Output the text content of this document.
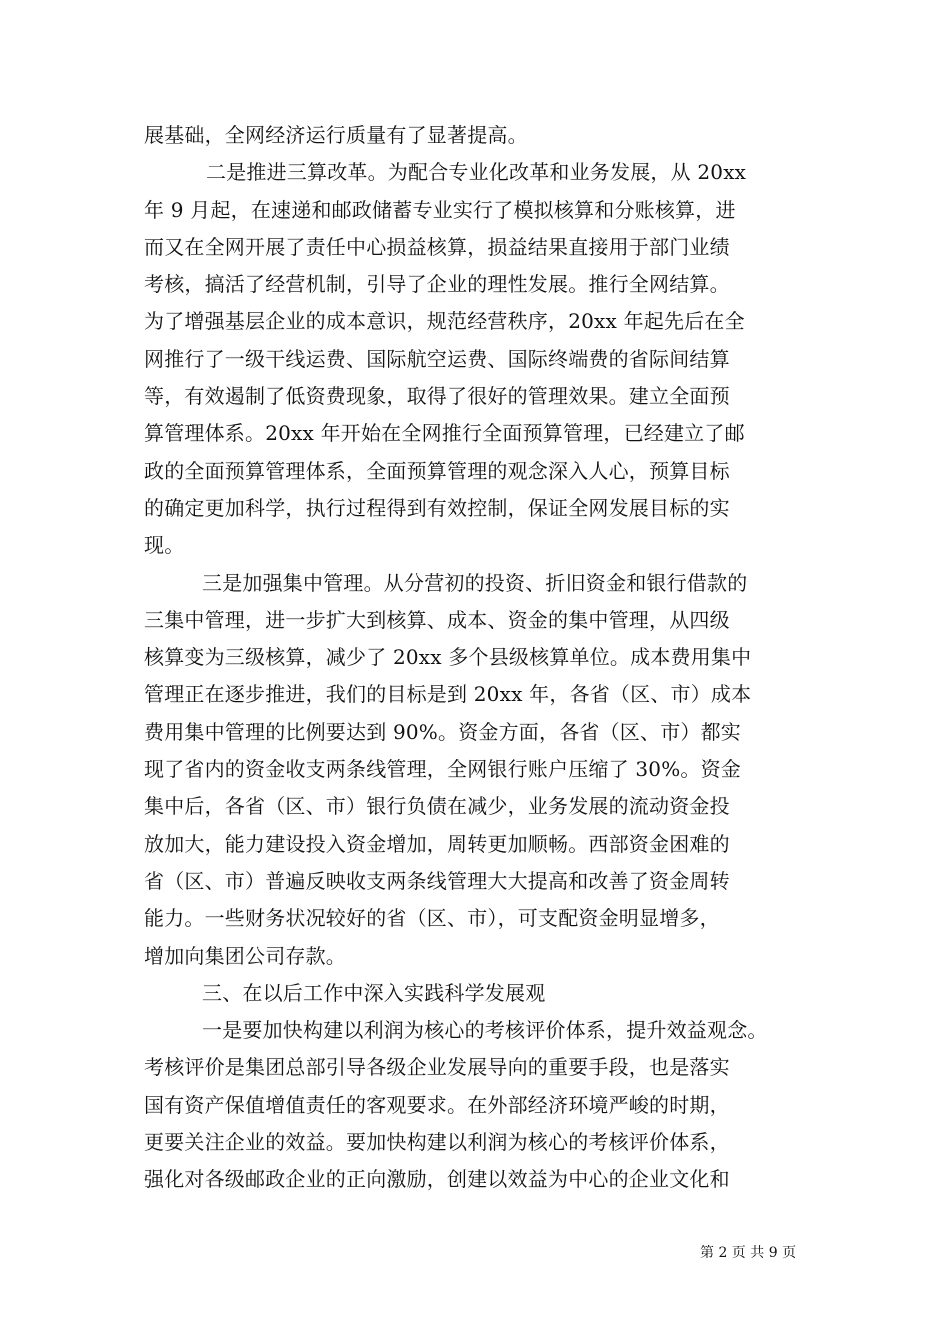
展基础，全网经济运行质量有了显著提高。
二是推进三算改革。为配合专业化改革和业务发展，从 20xx
年 9 月起，在速递和邮政储蓄专业实行了模拟核算和分账核算，进
而又在全网开展了责任中心损益核算，损益结果直接用于部门业绩
考核，搞活了经营机制，引导了企业的理性发展。推行全网结算。
为了增强基层企业的成本意识，规范经营秩序，20xx 年起先后在全
网推行了一级干线运费、国际航空运费、国际终端费的省际间结算
等，有效遏制了低资费现象，取得了很好的管理效果。建立全面预
算管理体系。20xx 年开始在全网推行全面预算管理，已经建立了邮
政的全面预算管理体系，全面预算管理的观念深入人心，预算目标
的确定更加科学，执行过程得到有效控制，保证全网发展目标的实
现。
三是加强集中管理。从分营初的投资、折旧资金和银行借款的
三集中管理，进一步扩大到核算、成本、资金的集中管理，从四级
核算变为三级核算，减少了 20xx 多个县级核算单位。成本费用集中
管理正在逐步推进，我们的目标是到 20xx 年，各省（区、市）成本
费用集中管理的比例要达到 90%。资金方面，各省（区、市）都实
现了省内的资金收支两条线管理，全网银行账户压缩了 30%。资金
集中后，各省（区、市）银行负债在减少，业务发展的流动资金投
放加大，能力建设投入资金增加，周转更加顺畅。西部资金困难的
省（区、市）普遍反映收支两条线管理大大提高和改善了资金周转
能力。一些财务状况较好的省（区、市），可支配资金明显增多，
增加向集团公司存款。
三、在以后工作中深入实践科学发展观
一是要加快构建以利润为核心的考核评价体系，提升效益观念。
考核评价是集团总部引导各级企业发展导向的重要手段，也是落实
国有资产保值增值责任的客观要求。在外部经济环境严峻的时期，
更要关注企业的效益。要加快构建以利润为核心的考核评价体系，
强化对各级邮政企业的正向激励，创建以效益为中心的企业文化和
第 2 页 共 9 页
